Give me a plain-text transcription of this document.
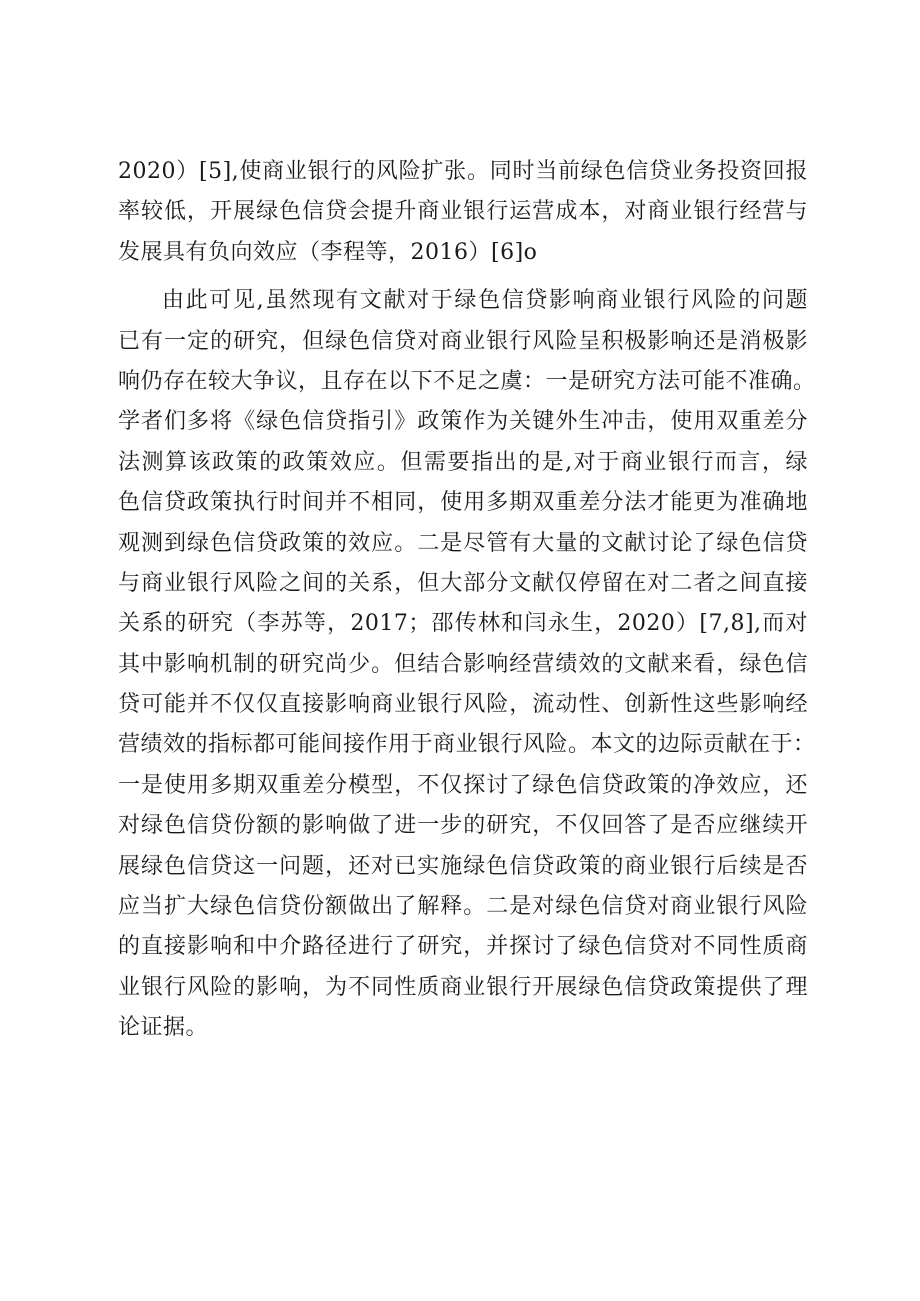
2020）[5],使商业银行的风险扩张。同时当前绿色信贷业务投资回报
率较低，开展绿色信贷会提升商业银行运营成本，对商业银行经营与
发展具有负向效应（李程等，2016）[6]o
由此可见,虽然现有文献对于绿色信贷影响商业银行风险的问题
已有一定的研究，但绿色信贷对商业银行风险呈积极影响还是消极影
响仍存在较大争议，且存在以下不足之虞：一是研究方法可能不准确。
学者们多将《绿色信贷指引》政策作为关键外生冲击，使用双重差分
法测算该政策的政策效应。但需要指出的是,对于商业银行而言，绿
色信贷政策执行时间并不相同，使用多期双重差分法才能更为准确地
观测到绿色信贷政策的效应。二是尽管有大量的文献讨论了绿色信贷
与商业银行风险之间的关系，但大部分文献仅停留在对二者之间直接
关系的研究（李苏等，2017；邵传林和闫永生，2020）[7,8],而对
其中影响机制的研究尚少。但结合影响经营绩效的文献来看，绿色信
贷可能并不仅仅直接影响商业银行风险，流动性、创新性这些影响经
营绩效的指标都可能间接作用于商业银行风险。本文的边际贡献在于：
一是使用多期双重差分模型，不仅探讨了绿色信贷政策的净效应，还
对绿色信贷份额的影响做了进一步的研究，不仅回答了是否应继续开
展绿色信贷这一问题，还对已实施绿色信贷政策的商业银行后续是否
应当扩大绿色信贷份额做出了解释。二是对绿色信贷对商业银行风险
的直接影响和中介路径进行了研究，并探讨了绿色信贷对不同性质商
业银行风险的影响，为不同性质商业银行开展绿色信贷政策提供了理
论证据。
